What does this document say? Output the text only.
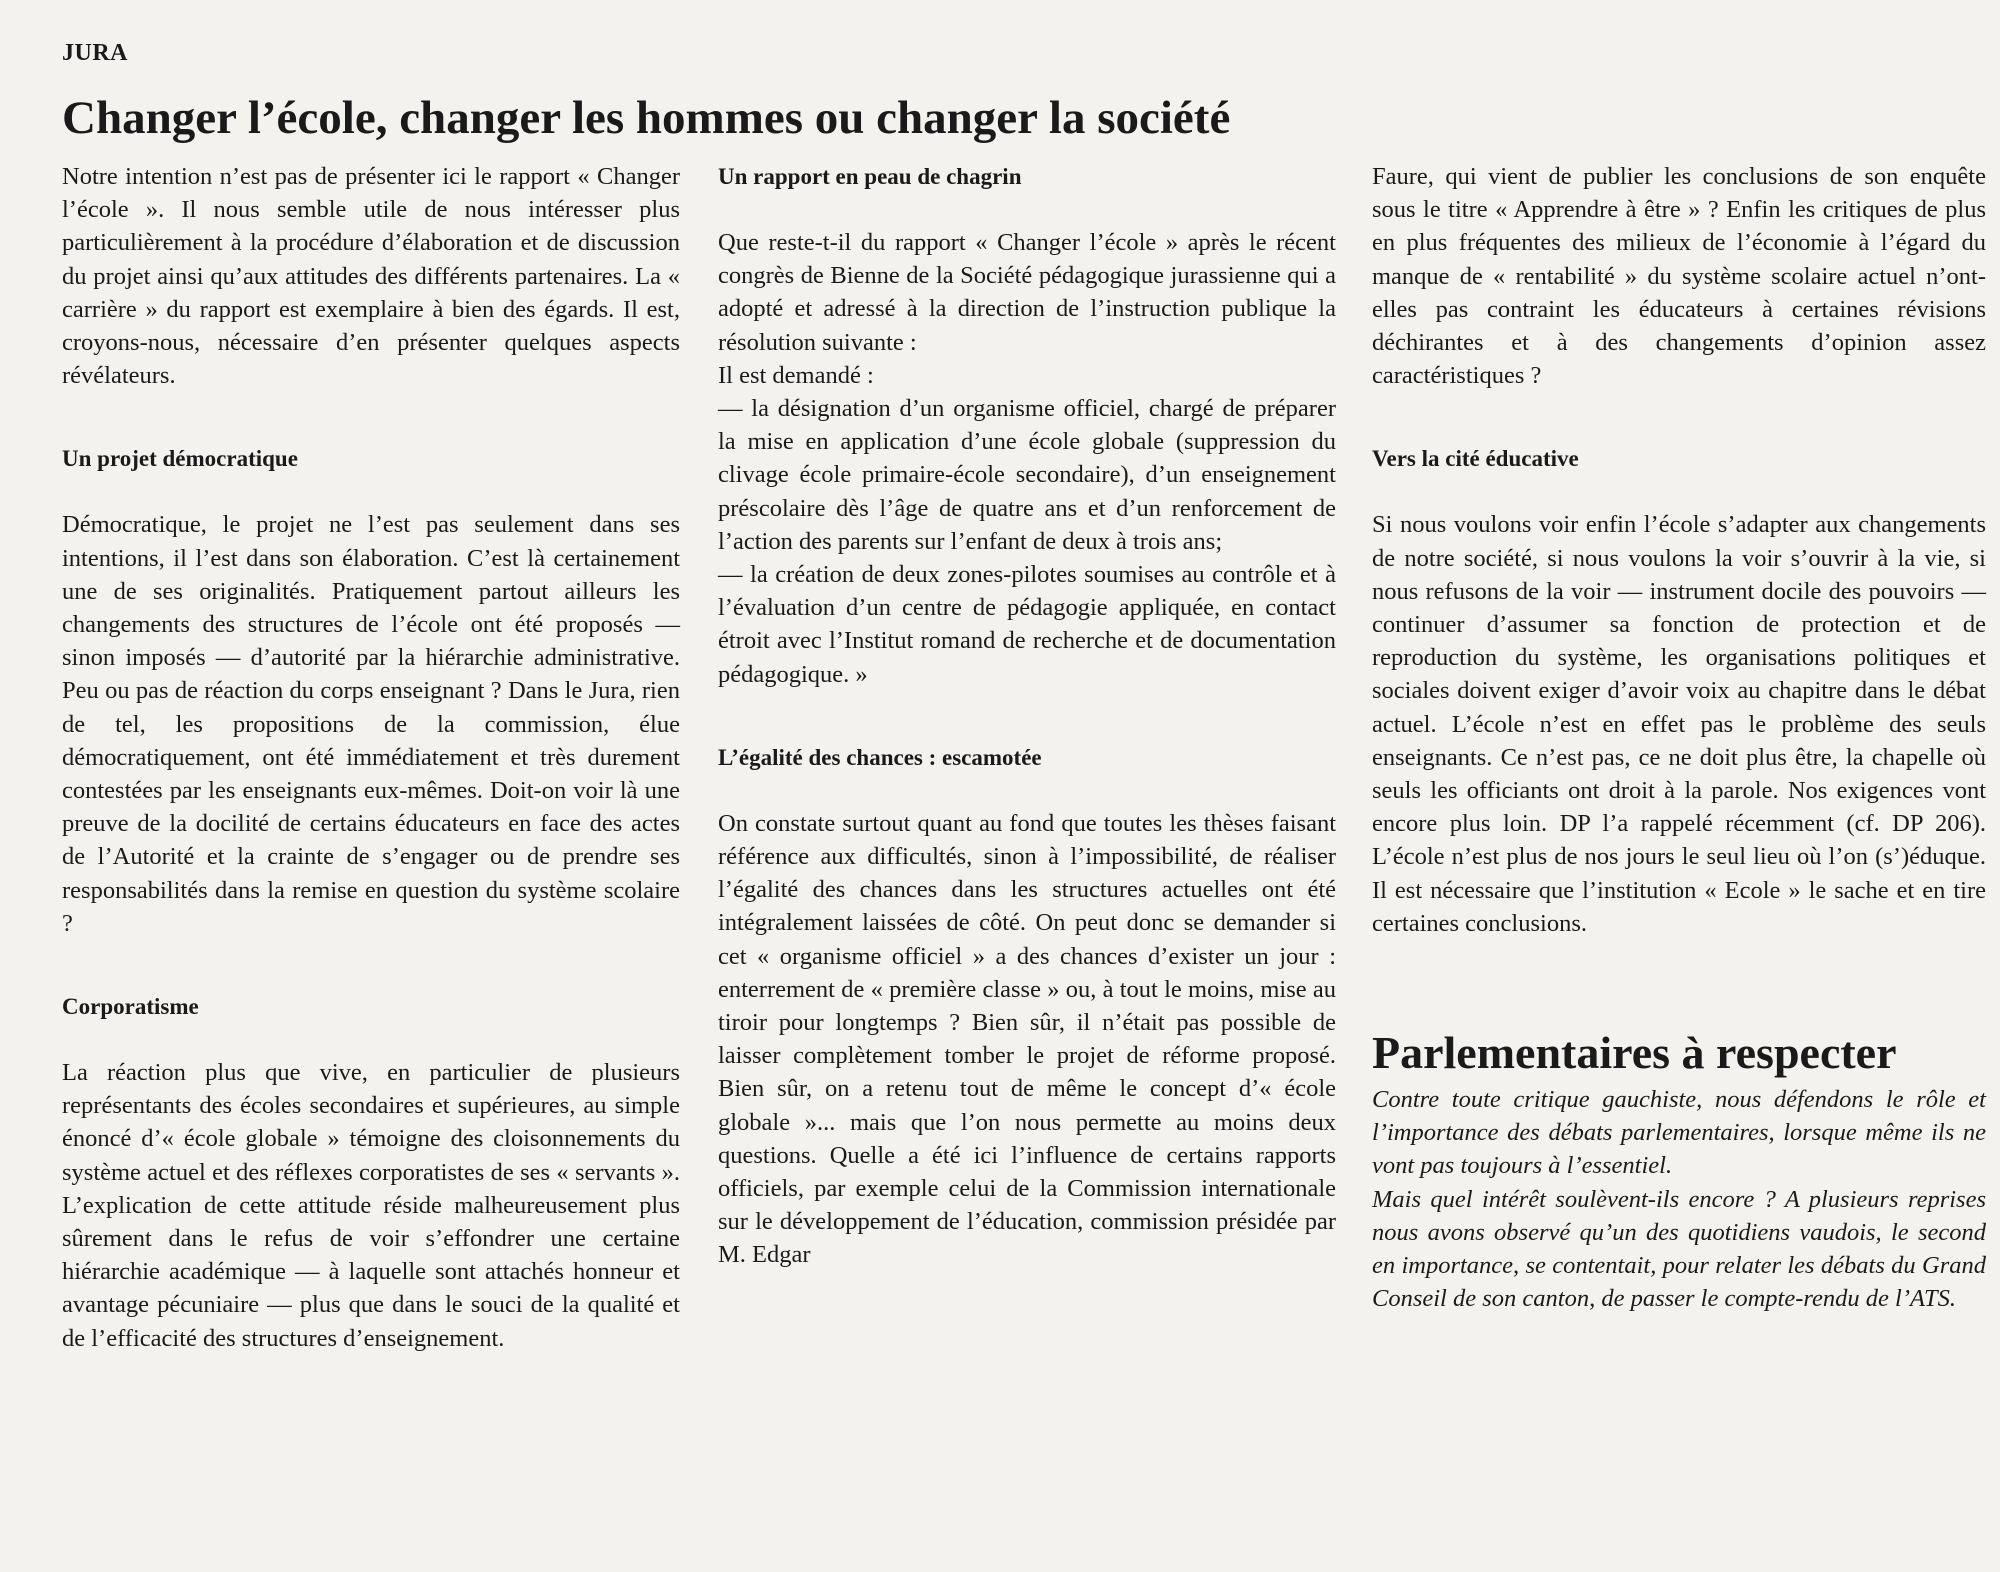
JURA
Changer l’école, changer les hommes ou changer la société

Notre intention n’est pas de présenter ici le rapport « Changer l’école ». Il nous semble utile de nous intéresser plus particulièrement à la procédure d’élaboration et de discussion du projet ainsi qu’aux attitudes des différents partenaires. La « carrière » du rapport est exemplaire à bien des égards. Il est, croyons-nous, nécessaire d’en présenter quelques aspects révélateurs.

Un projet démocratique

Démocratique, le projet ne l’est pas seulement dans ses intentions, il l’est dans son élaboration. C’est là certainement une de ses originalités. Pratiquement partout ailleurs les changements des structures de l’école ont été proposés — sinon imposés — d’autorité par la hiérarchie administrative. Peu ou pas de réaction du corps enseignant ? Dans le Jura, rien de tel, les propositions de la commission, élue démocratiquement, ont été immédiatement et très durement contestées par les enseignants eux-mêmes. Doit-on voir là une preuve de la docilité de certains éducateurs en face des actes de l’Autorité et la crainte de s’engager ou de prendre ses responsabilités dans la remise en question du système scolaire ?

Corporatisme

La réaction plus que vive, en particulier de plusieurs représentants des écoles secondaires et supérieures, au simple énoncé d’« école globale » témoigne des cloisonnements du système actuel et des réflexes corporatistes de ses « servants ». L’explication de cette attitude réside malheureusement plus sûrement dans le refus de voir s’effondrer une certaine hiérarchie académique — à laquelle sont attachés honneur et avantage pécuniaire — plus que dans le souci de la qualité et de l’efficacité des structures d’enseignement.

Un rapport en peau de chagrin

Que reste-t-il du rapport « Changer l’école » après le récent congrès de Bienne de la Société pédagogique jurassienne qui a adopté et adressé à la direction de l’instruction publique la résolution suivante :

Il est demandé :

— la désignation d’un organisme officiel, chargé de préparer la mise en application d’une école globale (suppression du clivage école primaire-école secondaire), d’un enseignement préscolaire dès l’âge de quatre ans et d’un renforcement de l’action des parents sur l’enfant de deux à trois ans;

— la création de deux zones-pilotes soumises au contrôle et à l’évaluation d’un centre de pédagogie appliquée, en contact étroit avec l’Institut romand de recherche et de documentation pédagogique. »

L’égalité des chances : escamotée

On constate surtout quant au fond que toutes les thèses faisant référence aux difficultés, sinon à l’impossibilité, de réaliser l’égalité des chances dans les structures actuelles ont été intégralement laissées de côté. On peut donc se demander si cet « organisme officiel » a des chances d’exister un jour : enterrement de « première classe » ou, à tout le moins, mise au tiroir pour longtemps ? Bien sûr, il n’était pas possible de laisser complètement tomber le projet de réforme proposé. Bien sûr, on a retenu tout de même le concept d’« école globale »... mais que l’on nous permette au moins deux questions. Quelle a été ici l’influence de certains rapports officiels, par exemple celui de la Commission internationale sur le développement de l’éducation, commission présidée par M. Edgar

Faure, qui vient de publier les conclusions de son enquête sous le titre « Apprendre à être » ? Enfin les critiques de plus en plus fréquentes des milieux de l’économie à l’égard du manque de « rentabilité » du système scolaire actuel n’ont-elles pas contraint les éducateurs à certaines révisions déchirantes et à des changements d’opinion assez caractéristiques ?

Vers la cité éducative

Si nous voulons voir enfin l’école s’adapter aux changements de notre société, si nous voulons la voir s’ouvrir à la vie, si nous refusons de la voir — instrument docile des pouvoirs — continuer d’assumer sa fonction de protection et de reproduction du système, les organisations politiques et sociales doivent exiger d’avoir voix au chapitre dans le débat actuel. L’école n’est en effet pas le problème des seuls enseignants. Ce n’est pas, ce ne doit plus être, la chapelle où seuls les officiants ont droit à la parole. Nos exigences vont encore plus loin. DP l’a rappelé récemment (cf. DP 206). L’école n’est plus de nos jours le seul lieu où l’on (s’)éduque. Il est nécessaire que l’institution « Ecole » le sache et en tire certaines conclusions.

Parlementaires à respecter

Contre toute critique gauchiste, nous défendons le rôle et l’importance des débats parlementaires, lorsque même ils ne vont pas toujours à l’essentiel.

Mais quel intérêt soulèvent-ils encore ? A plusieurs reprises nous avons observé qu’un des quotidiens vaudois, le second en importance, se contentait, pour relater les débats du Grand Conseil de son canton, de passer le compte-rendu de l’ATS.
